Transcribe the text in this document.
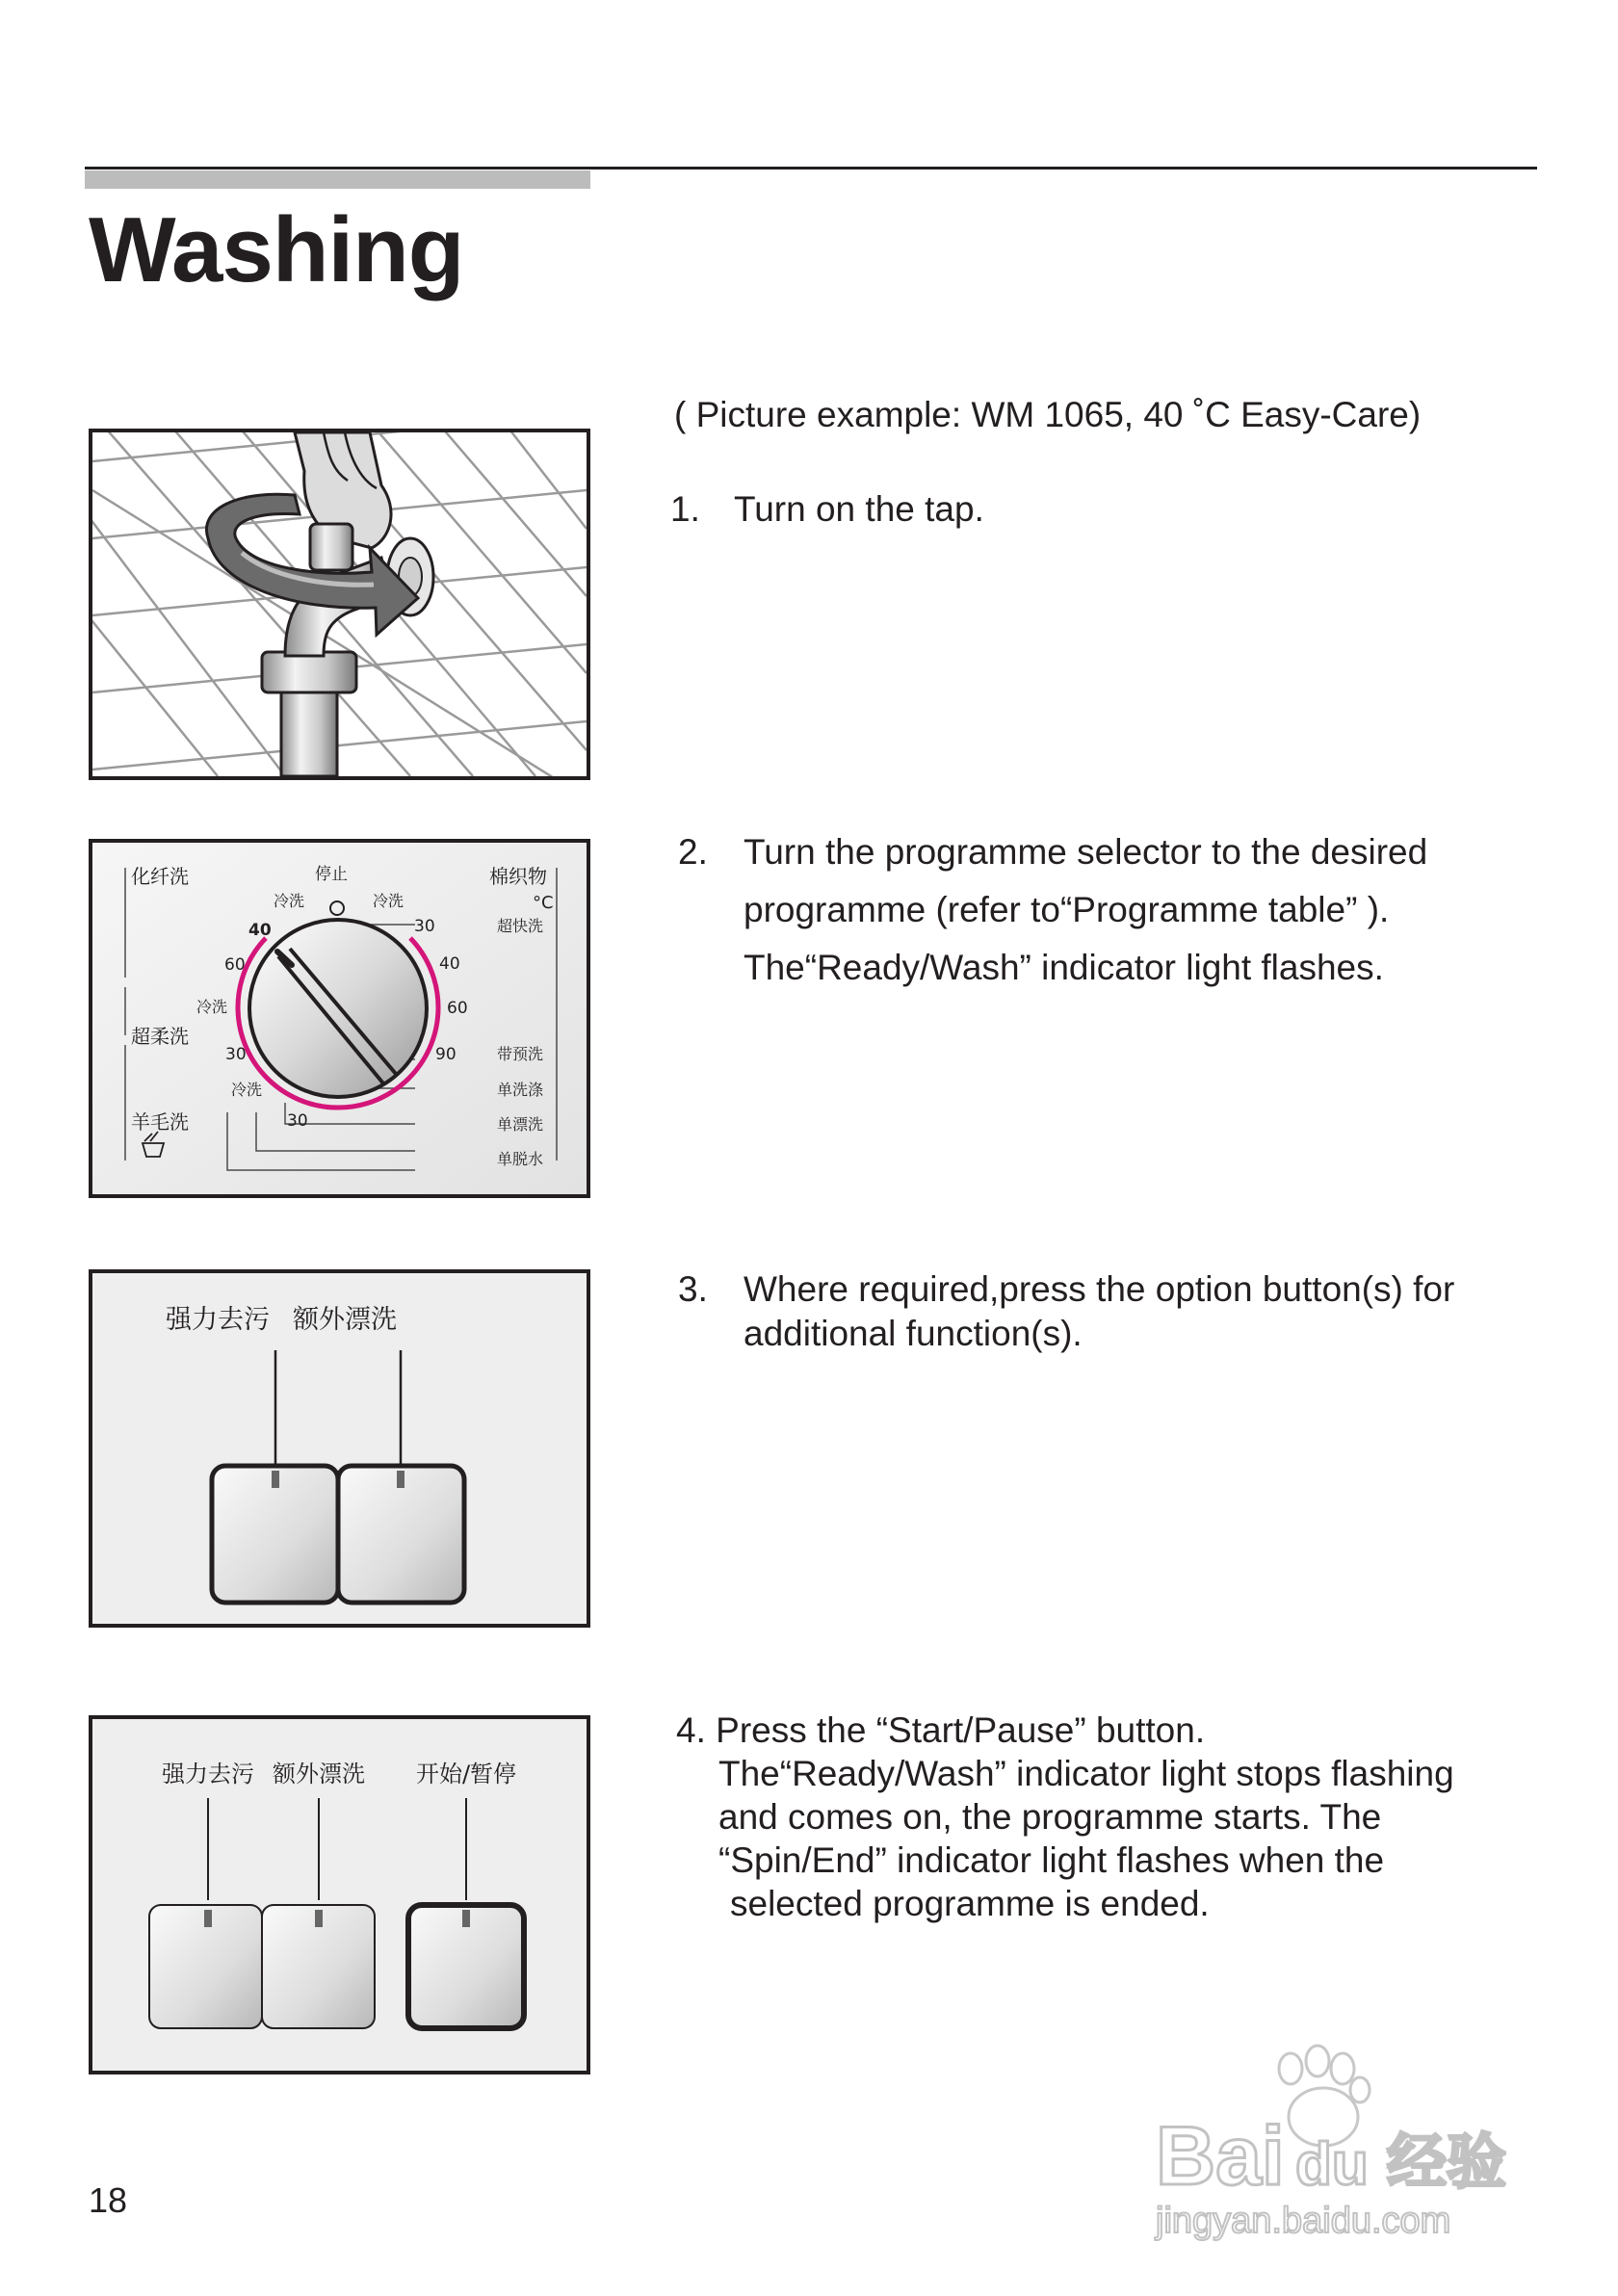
Washing
( Picture example: WM 1065, 40 ˚C Easy-Care)
1. Turn on the tap.
2. Turn the programme selector to the desired
programme (refer to“Programme table” ).
The“Ready/Wash” indicator light flashes.
3. Where required,press the option button(s) for
additional function(s).
4. Press the “Start/Pause” button.
The“Ready/Wash” indicator light stops flashing
and comes on, the programme starts. The
“Spin/End” indicator light flashes when the
selected programme is ended.
化纤洗	棉织物
停止
°C
冷洗	冷洗
40
60
30
40
60
90
超快洗
超柔洗
冷洗
30
羊毛洗
冷洗
30
带预洗
单洗涤
单漂洗
单脱水
强力去污 额外漂洗
强力去污 额外漂洗 开始/暂停
18	Bai du 经验
jingyan.baidu.com
